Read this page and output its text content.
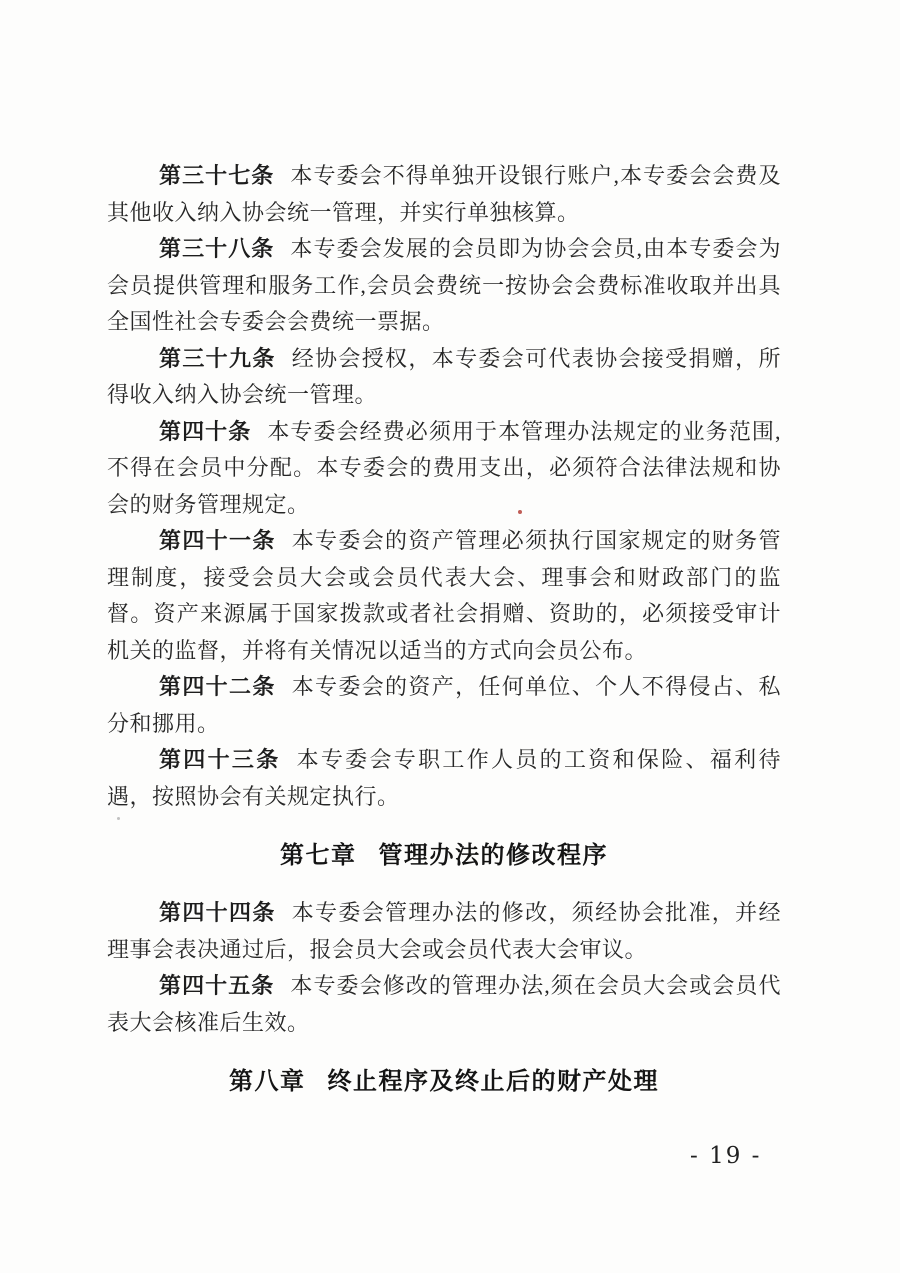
第三十七条 本专委会不得单独开设银行账户,本专委会会费及其他收入纳入协会统一管理，并实行单独核算。

第三十八条 本专委会发展的会员即为协会会员,由本专委会为会员提供管理和服务工作,会员会费统一按协会会费标准收取并出具全国性社会专委会会费统一票据。

第三十九条 经协会授权，本专委会可代表协会接受捐赠，所得收入纳入协会统一管理。

第四十条 本专委会经费必须用于本管理办法规定的业务范围,不得在会员中分配。本专委会的费用支出，必须符合法律法规和协会的财务管理规定。

第四十一条 本专委会的资产管理必须执行国家规定的财务管理制度，接受会员大会或会员代表大会、理事会和财政部门的监督。资产来源属于国家拨款或者社会捐赠、资助的，必须接受审计机关的监督，并将有关情况以适当的方式向会员公布。

第四十二条 本专委会的资产，任何单位、个人不得侵占、私分和挪用。

第四十三条 本专委会专职工作人员的工资和保险、福利待遇，按照协会有关规定执行。

第七章 管理办法的修改程序

第四十四条 本专委会管理办法的修改，须经协会批准，并经理事会表决通过后，报会员大会或会员代表大会审议。

第四十五条 本专委会修改的管理办法,须在会员大会或会员代表大会核准后生效。

第八章 终止程序及终止后的财产处理
- 19 -
